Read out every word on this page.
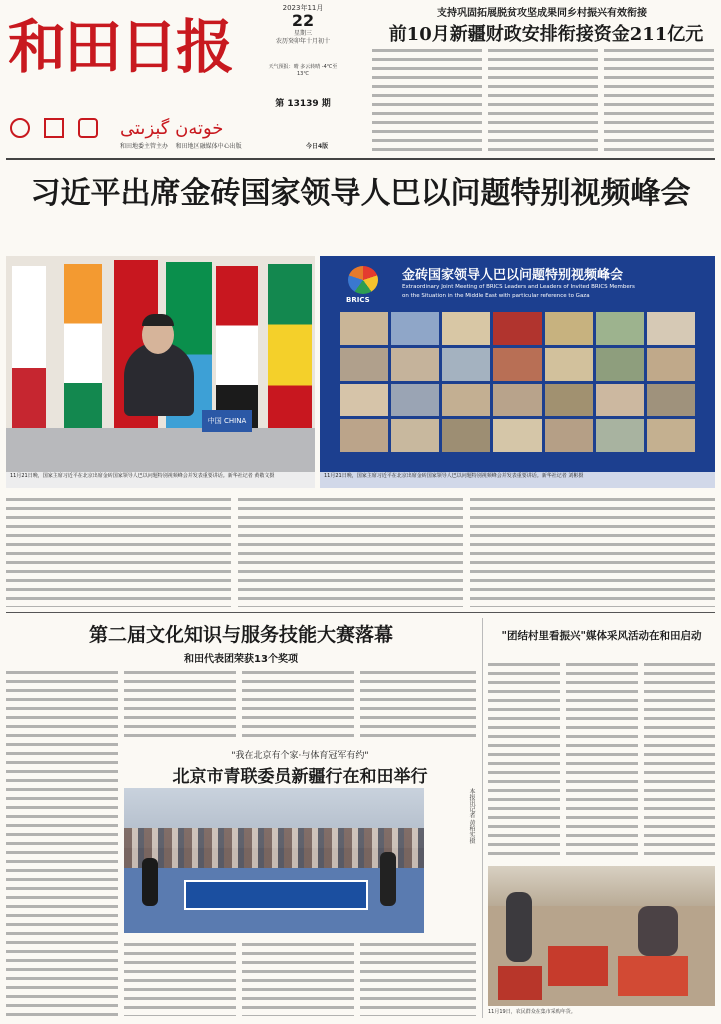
和田日报
خوتەن گېزىتى
2023年11月
22
星期三
农历癸卯年十月初十
天气预报：晴 多云转晴 -4℃至13℃
第 13139 期
和田地委主管主办 和田地区融媒体中心出版	今日4版
支持巩固拓展脱贫攻坚成果同乡村振兴有效衔接
前10月新疆财政安排衔接资金211亿元
习近平出席金砖国家领导人巴以问题特别视频峰会
中国 CHINA
11月21日晚，国家主席习近平在北京出席金砖国家领导人巴以问题特别视频峰会并发表重要讲话。新华社记者 黄敬文摄
BRICS
金砖国家领导人巴以问题特别视频峰会
Extraordinary Joint Meeting of BRICS Leaders and Leaders of Invited BRICS Members
on the Situation in the Middle East with particular reference to Gaza
11月21日晚，国家主席习近平在北京出席金砖国家领导人巴以问题特别视频峰会并发表重要讲话。新华社记者 刘彬摄
第二届文化知识与服务技能大赛落幕
和田代表团荣获13个奖项
"我在北京有个家·与体育冠军有约"
北京市青联委员新疆行在和田举行
本报讯记者 黄柏实摄
"团结村里看振兴"媒体采风活动在和田启动
11月19日，农民群众在集市采购年货。
